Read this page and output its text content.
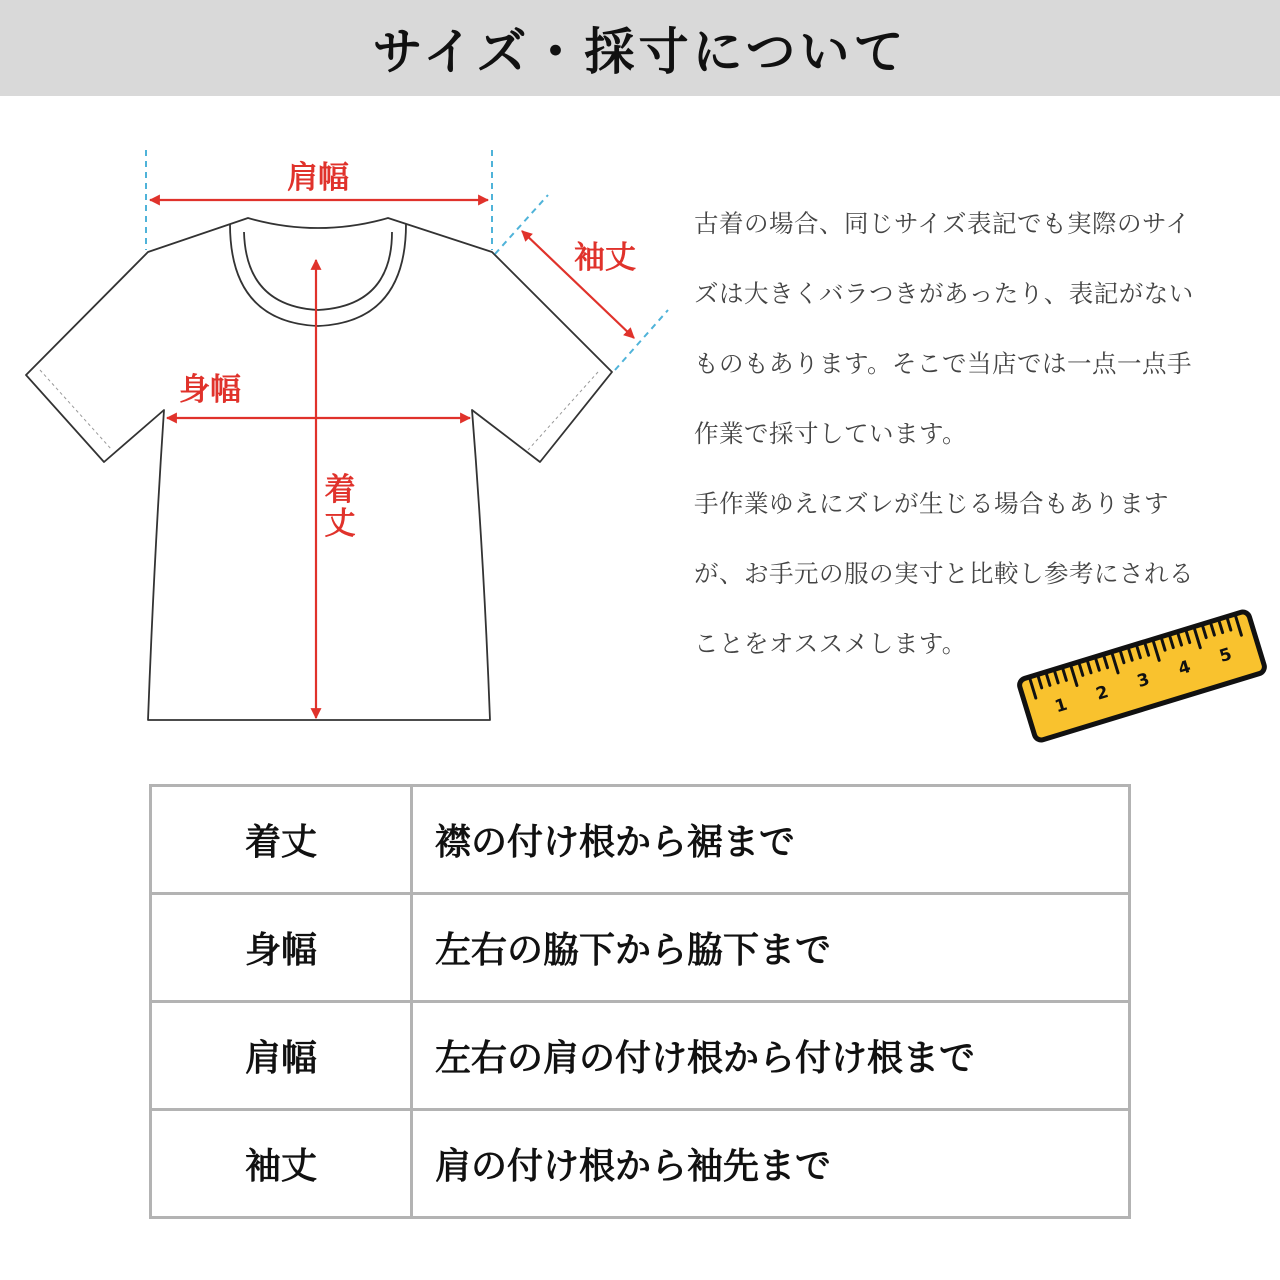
サイズ・採寸について
肩幅
袖丈
身幅
着
丈

古着の場合、同じサイズ表記でも実際のサイ

ズは大きくバラつきがあったり、表記がない

ものもあります。そこで当店では一点一点手

作業で採寸しています。

手作業ゆえにズレが生じる場合もあります

が、お手元の服の実寸と比較し参考にされる

ことをオススメします。

1
2
3
4
5
着丈	襟の付け根から裾まで
身幅	左右の脇下から脇下まで
肩幅	左右の肩の付け根から付け根まで
袖丈	肩の付け根から袖先まで
